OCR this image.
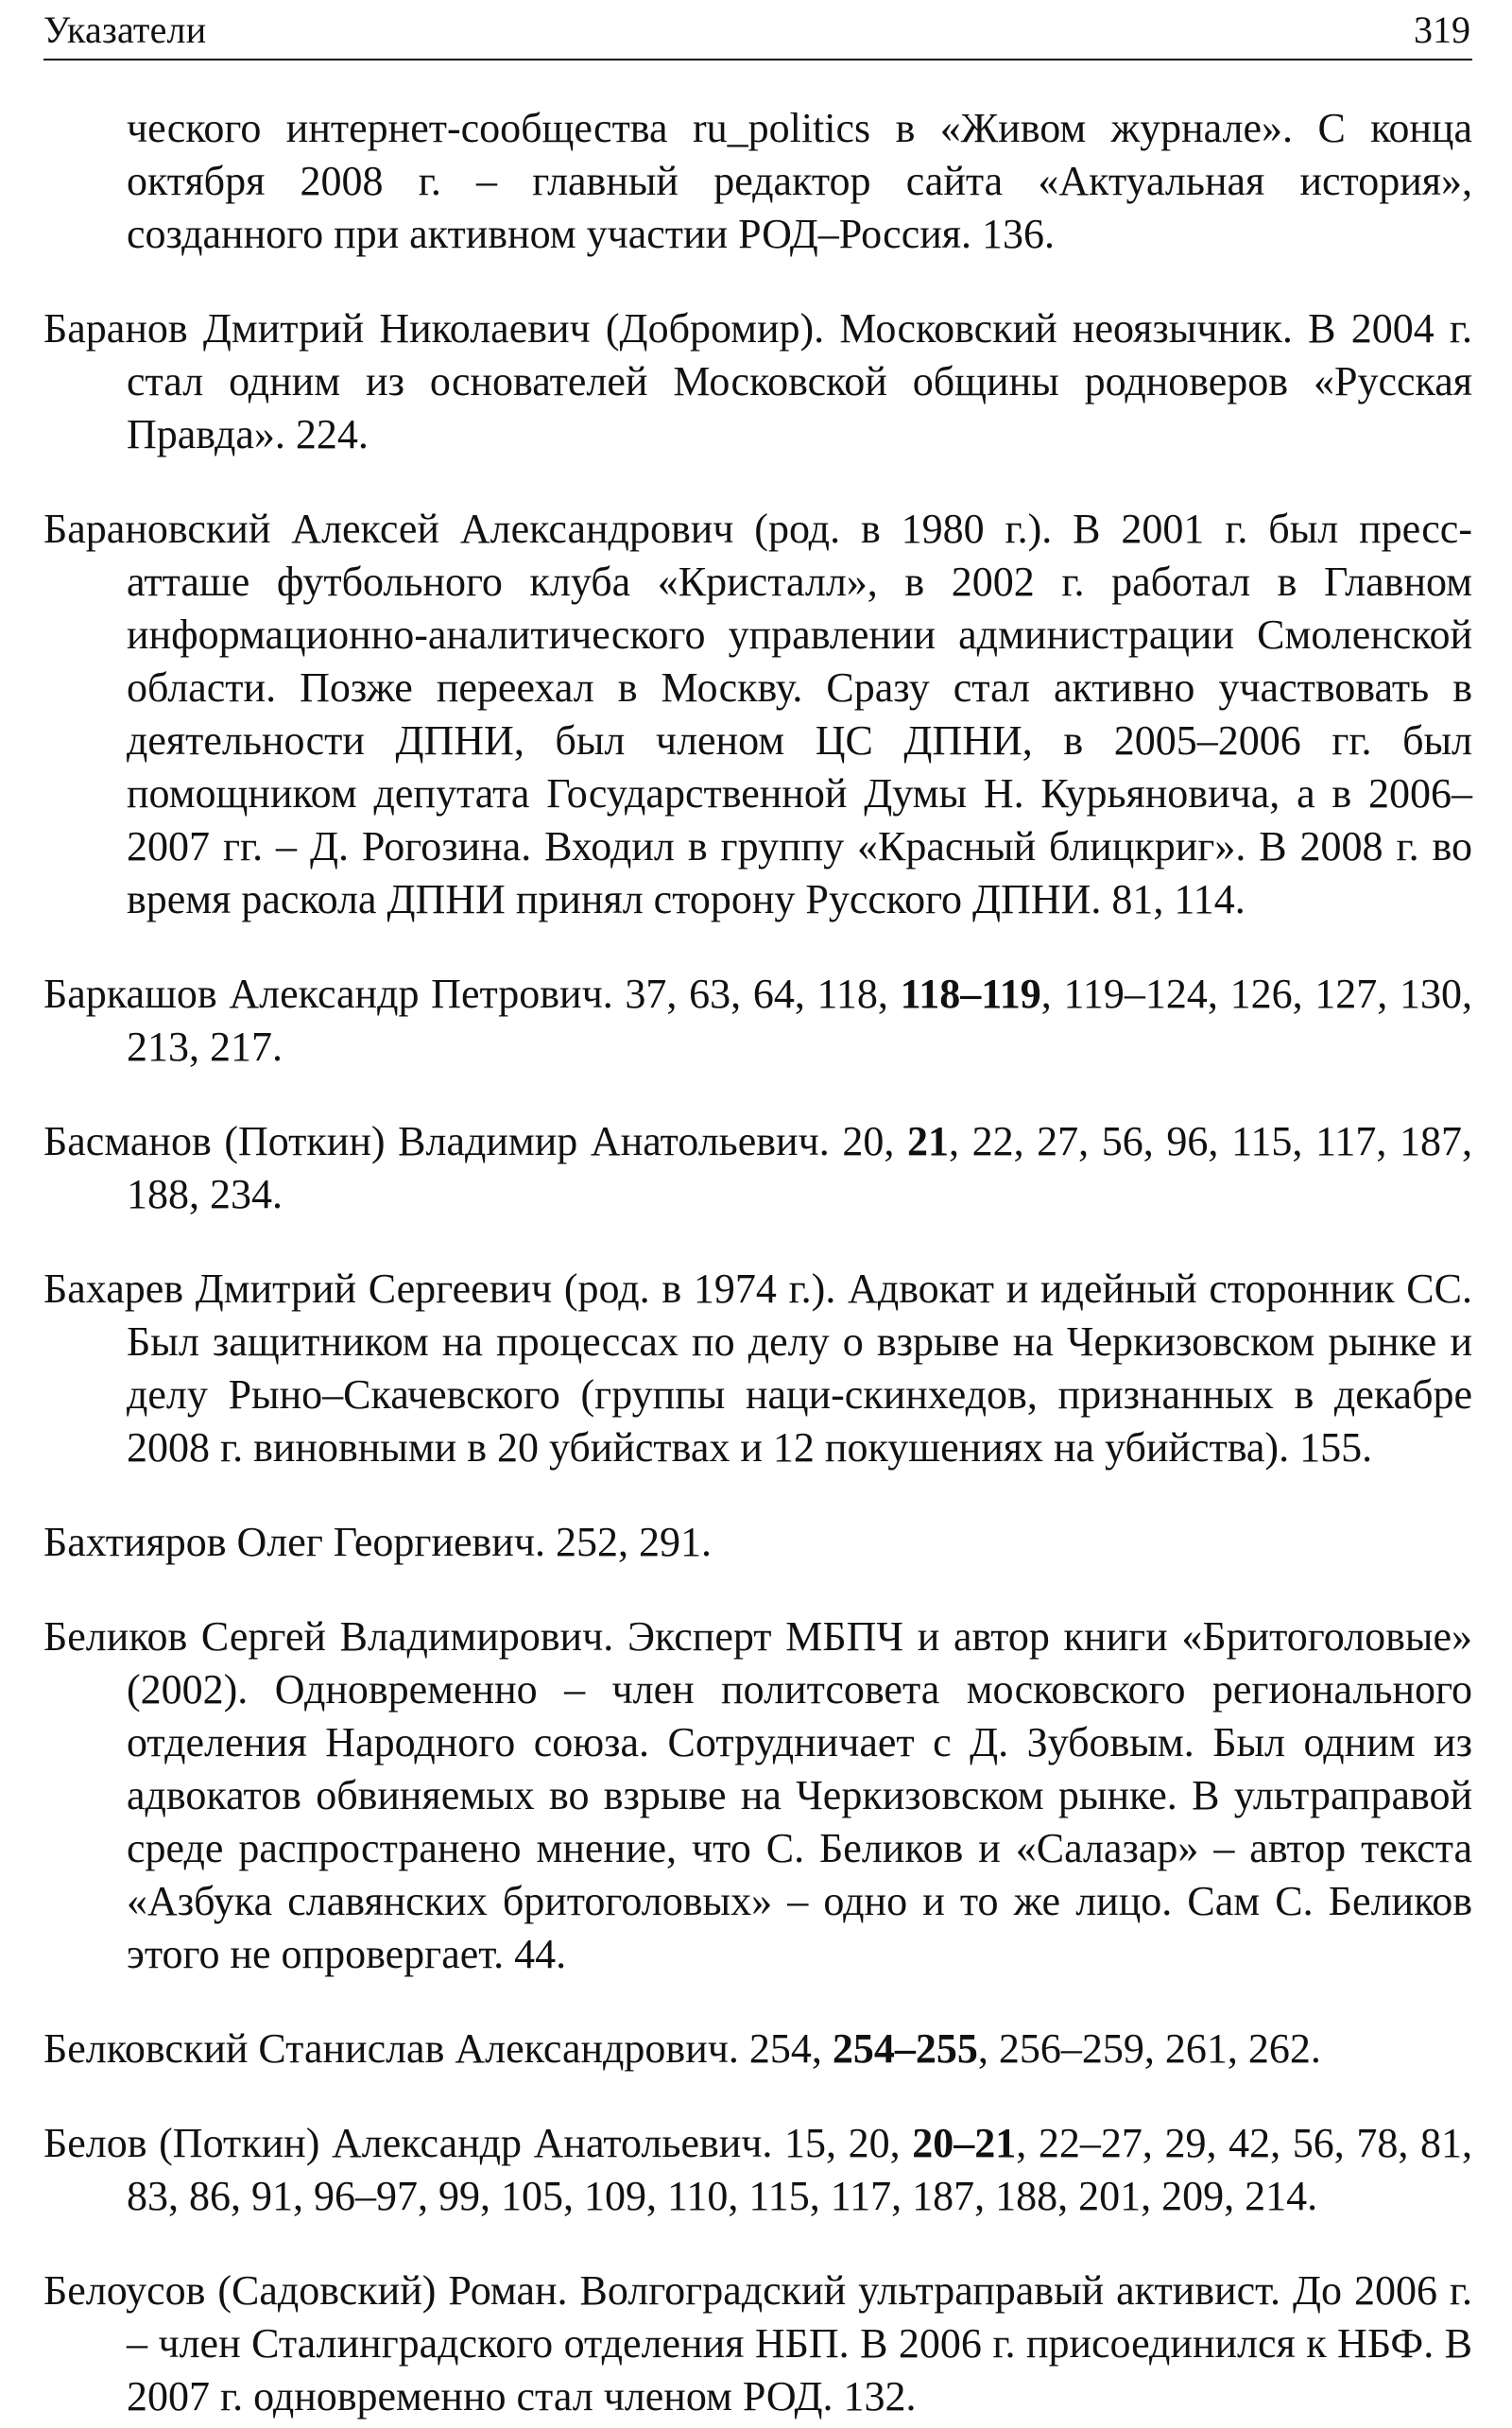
Указатели	319

ческого интернет-сообщества ru_politics в «Живом журнале». С конца октября 2008 г. – главный редактор сайта «Актуальная история», созданного при активном участии РОД–Россия. 136.

Баранов Дмитрий Николаевич (Добромир). Московский неоязычник. В 2004 г. стал одним из основателей Московской общины родноверов «Русская Правда». 224.

Барановский Алексей Александрович (род. в 1980 г.). В 2001 г. был пресс-атташе футбольного клуба «Кристалл», в 2002 г. работал в Главном информационно-аналитического управлении администрации Смоленской области. Позже переехал в Москву. Сразу стал активно участвовать в деятельности ДПНИ, был членом ЦС ДПНИ, в 2005–2006 гг. был помощником депутата Государственной Думы Н. Курьяновича, а в 2006–2007 гг. – Д. Рогозина. Входил в группу «Красный блицкриг». В 2008 г. во время раскола ДПНИ принял сторону Русского ДПНИ. 81, 114.

Баркашов Александр Петрович. 37, 63, 64, 118, 118–119, 119–124, 126, 127, 130, 213, 217.

Басманов (Поткин) Владимир Анатольевич. 20, 21, 22, 27, 56, 96, 115, 117, 187, 188, 234.

Бахарев Дмитрий Сергеевич (род. в 1974 г.). Адвокат и идейный сторонник СС. Был защитником на процессах по делу о взрыве на Черкизовском рынке и делу Рыно–Скачевского (группы наци-скинхедов, признанных в декабре 2008 г. виновными в 20 убийствах и 12 покушениях на убийства). 155.

Бахтияров Олег Георгиевич. 252, 291.

Беликов Сергей Владимирович. Эксперт МБПЧ и автор книги «Бритоголовые» (2002). Одновременно – член политсовета московского регионального отделения Народного союза. Сотрудничает с Д. Зубовым. Был одним из адвокатов обвиняемых во взрыве на Черкизовском рынке. В ультраправой среде распространено мнение, что С. Беликов и «Салазар» – автор текста «Азбука славянских бритоголовых» – одно и то же лицо. Сам С. Беликов этого не опровергает. 44.

Белковский Станислав Александрович. 254, 254–255, 256–259, 261, 262.

Белов (Поткин) Александр Анатольевич. 15, 20, 20–21, 22–27, 29, 42, 56, 78, 81, 83, 86, 91, 96–97, 99, 105, 109, 110, 115, 117, 187, 188, 201, 209, 214.

Белоусов (Садовский) Роман. Волгоградский ультраправый активист. До 2006 г. – член Сталинградского отделения НБП. В 2006 г. присоединился к НБФ. В 2007 г. одновременно стал членом РОД. 132.
